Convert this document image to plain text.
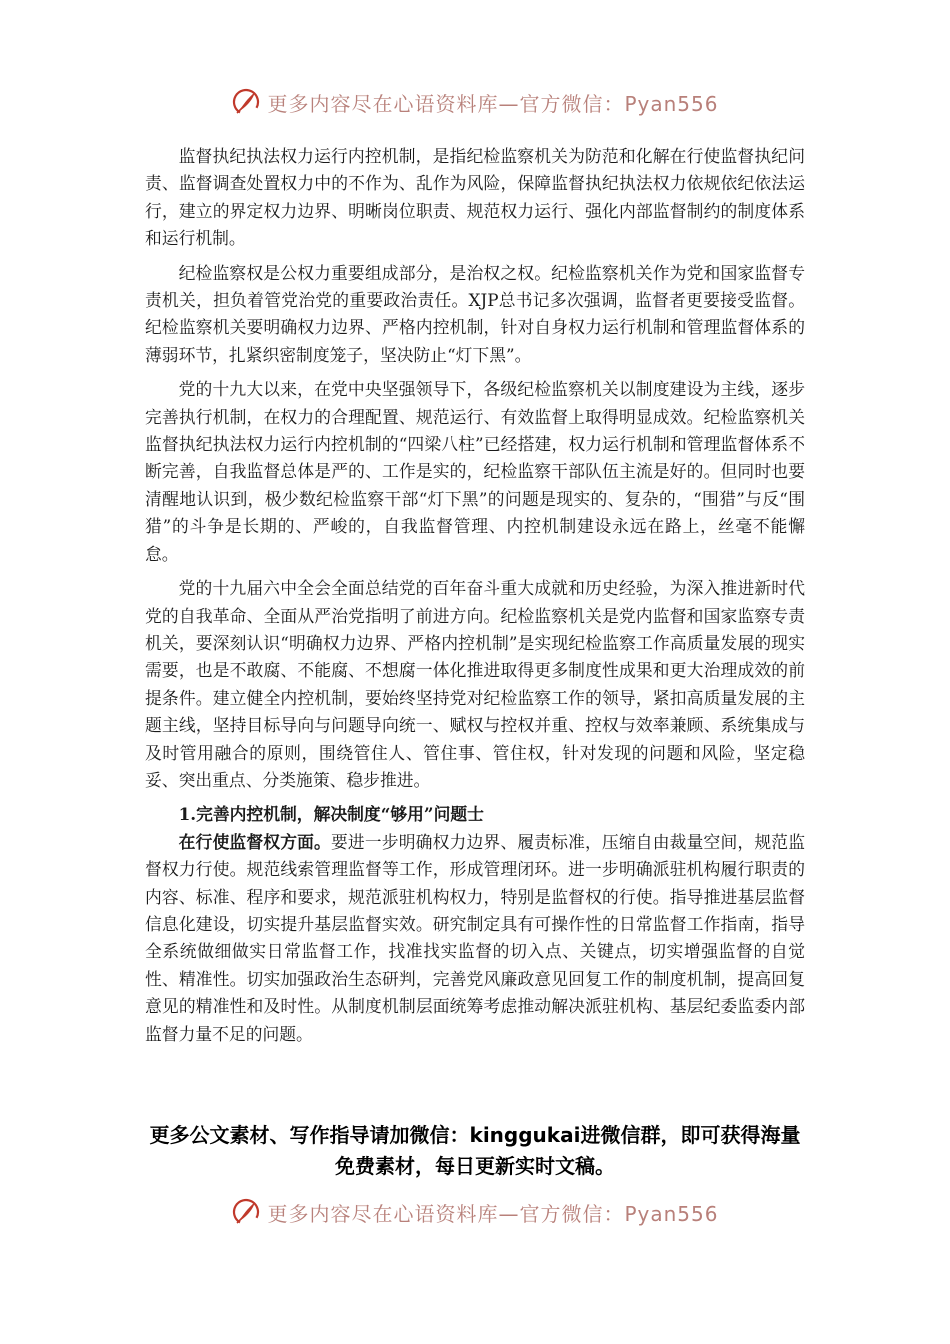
更多内容尽在心语资料库—官方微信：Pyan556

监督执纪执法权力运行内控机制，是指纪检监察机关为防范和化解在行使监督执纪问责、监督调查处置权力中的不作为、乱作为风险，保障监督执纪执法权力依规依纪依法运行，建立的界定权力边界、明晰岗位职责、规范权力运行、强化内部监督制约的制度体系和运行机制。

纪检监察权是公权力重要组成部分，是治权之权。纪检监察机关作为党和国家监督专责机关，担负着管党治党的重要政治责任。XJP总书记多次强调，监督者更要接受监督。纪检监察机关要明确权力边界、严格内控机制，针对自身权力运行机制和管理监督体系的薄弱环节，扎紧织密制度笼子，坚决防止“灯下黑”。

党的十九大以来，在党中央坚强领导下，各级纪检监察机关以制度建设为主线，逐步完善执行机制，在权力的合理配置、规范运行、有效监督上取得明显成效。纪检监察机关监督执纪执法权力运行内控机制的“四梁八柱”已经搭建，权力运行机制和管理监督体系不断完善，自我监督总体是严的、工作是实的，纪检监察干部队伍主流是好的。但同时也要清醒地认识到，极少数纪检监察干部“灯下黑”的问题是现实的、复杂的，“围猎”与反“围猎”的斗争是长期的、严峻的，自我监督管理、内控机制建设永远在路上，丝毫不能懈怠。

党的十九届六中全会全面总结党的百年奋斗重大成就和历史经验，为深入推进新时代党的自我革命、全面从严治党指明了前进方向。纪检监察机关是党内监督和国家监察专责机关，要深刻认识“明确权力边界、严格内控机制”是实现纪检监察工作高质量发展的现实需要，也是不敢腐、不能腐、不想腐一体化推进取得更多制度性成果和更大治理成效的前提条件。建立健全内控机制，要始终坚持党对纪检监察工作的领导，紧扣高质量发展的主题主线，坚持目标导向与问题导向统一、赋权与控权并重、控权与效率兼顾、系统集成与及时管用融合的原则，围绕管住人、管住事、管住权，针对发现的问题和风险，坚定稳妥、突出重点、分类施策、稳步推进。

1.完善内控机制，解决制度“够用”问题士

在行使监督权方面。要进一步明确权力边界、履责标准，压缩自由裁量空间，规范监督权力行使。规范线索管理监督等工作，形成管理闭环。进一步明确派驻机构履行职责的内容、标准、程序和要求，规范派驻机构权力，特别是监督权的行使。指导推进基层监督信息化建设，切实提升基层监督实效。研究制定具有可操作性的日常监督工作指南，指导全系统做细做实日常监督工作，找准找实监督的切入点、关键点，切实增强监督的自觉性、精准性。切实加强政治生态研判，完善党风廉政意见回复工作的制度机制，提高回复意见的精准性和及时性。从制度机制层面统筹考虑推动解决派驻机构、基层纪委监委内部监督力量不足的问题。

更多公文素材、写作指导请加微信：kinggukai进微信群，即可获得海量免费素材，每日更新实时文稿。
更多内容尽在心语资料库—官方微信：Pyan556
